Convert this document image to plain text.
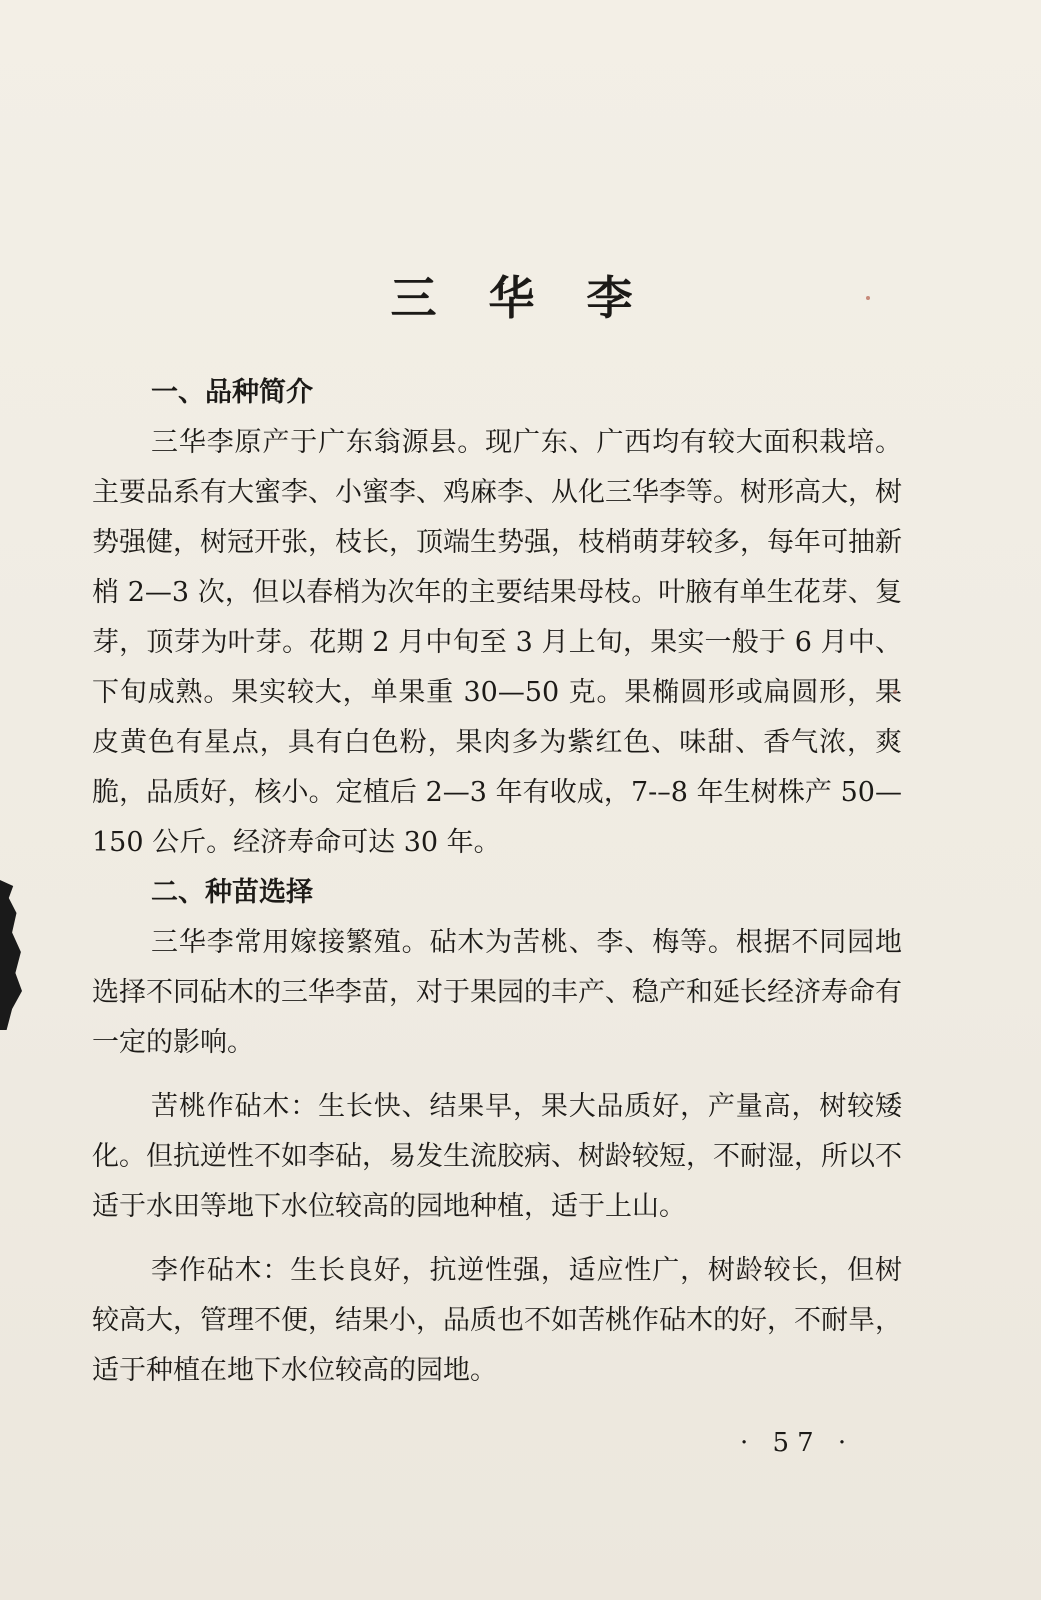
三 华 李
一、品种简介

三华李原产于广东翁源县。现广东、广西均有较大面积栽培。主要品系有大蜜李、小蜜李、鸡麻李、从化三华李等。树形高大，树势强健，树冠开张，枝长，顶端生势强，枝梢萌芽较多，每年可抽新梢 2—3 次，但以春梢为次年的主要结果母枝。叶腋有单生花芽、复芽，顶芽为叶芽。花期 2 月中旬至 3 月上旬，果实一般于 6 月中、下旬成熟。果实较大，单果重 30—50 克。果椭圆形或扁圆形，果皮黄色有星点，具有白色粉，果肉多为紫红色、味甜、香气浓，爽脆，品质好，核小。定植后 2—3 年有收成，7-–8 年生树株产 50—150 公斤。经济寿命可达 30 年。

二、种苗选择

三华李常用嫁接繁殖。砧木为苦桃、李、梅等。根据不同园地选择不同砧木的三华李苗，对于果园的丰产、稳产和延长经济寿命有一定的影响。

苦桃作砧木：生长快、结果早，果大品质好，产量高，树较矮化。但抗逆性不如李砧，易发生流胶病、树龄较短，不耐湿，所以不适于水田等地下水位较高的园地种植，适于上山。

李作砧木：生长良好，抗逆性强，适应性广，树龄较长，但树较高大，管理不便，结果小，品质也不如苦桃作砧木的好，不耐旱，适于种植在地下水位较高的园地。

· 57 ·
